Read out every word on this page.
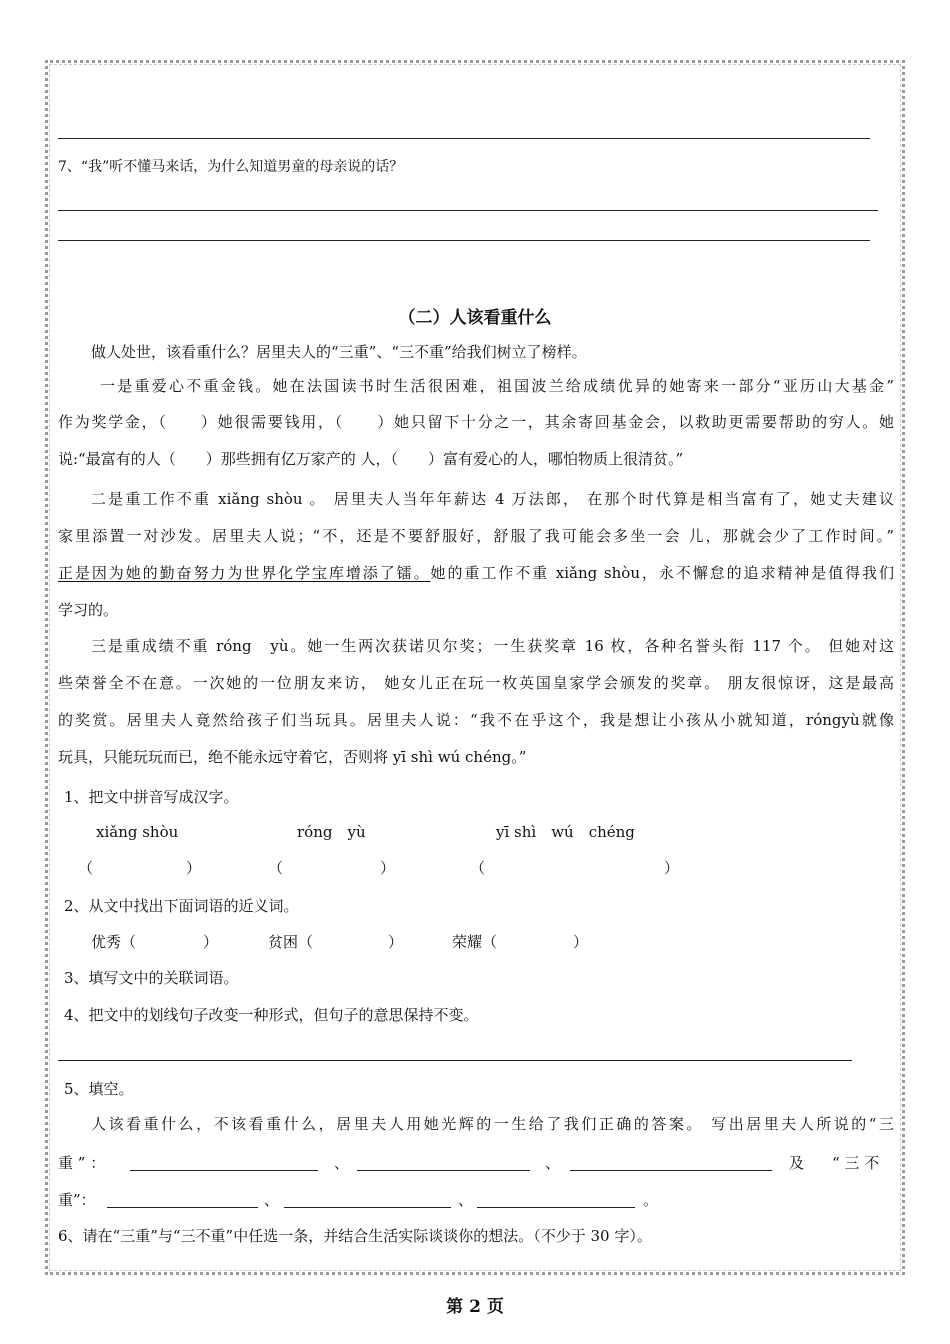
7、“我”听不懂马来话，为什么知道男童的母亲说的话？
（二）人该看重什么
做人处世，该看重什么？居里夫人的“三重”、“三不重”给我们树立了榜样。
一是重爱心不重金钱。她在法国读书时生活很困难，祖国波兰给成绩优异的她寄来一部分“亚历山大基金”
作为奖学金，（　　）她很需要钱用，（　　）她只留下十分之一，其余寄回基金会，以救助更需要帮助的穷人。她
说:“最富有的人（　　）那些拥有亿万家产的 人，（　　）富有爱心的人，哪怕物质上很清贫。”
二是重工作不重 xiǎng shòu 。 居里夫人当年年薪达 4 万法郎， 在那个时代算是相当富有了，她丈夫建议
家里添置一对沙发。居里夫人说；“不，还是不要舒服好，舒服了我可能会多坐一会 儿，那就会少了工作时间。”
正是因为她的勤奋努力为世界化学宝库增添了镭。她的重工作不重 xiǎng shòu，永不懈怠的追求精神是值得我们
学习的。
三是重成绩不重 róng　yù。她一生两次获诺贝尔奖；一生获奖章 16 枚，各种名誉头衔 117 个。 但她对这
些荣誉全不在意。一次她的一位朋友来访， 她女儿正在玩一枚英国皇家学会颁发的奖章。 朋友很惊讶，这是最高
的奖赏。居里夫人竟然给孩子们当玩具。居里夫人说：“我不在乎这个，我是想让小孩从小就知道，róngyù就像
玩具，只能玩玩而已，绝不能永远守着它，否则将 yī shì wú chéng。”
1、把文中拼音写成汉字。
xiǎng shòu	róng　yù	yī shì　wú　chéng
（	）	（	）	（	）
2、从文中找出下面词语的近义词。
优秀（	）	贫困（	）	荣耀（	）
3、填写文中的关联词语。
4、把文中的划线句子改变一种形式，但句子的意思保持不变。
5、填空。
人该看重什么，不该看重什么，居里夫人用她光辉的一生给了我们正确的答案。 写出居里夫人所说的“三
重 ” ：	、	、	及 “ 三 不
重”：	、	、	。
6、请在“三重”与“三不重”中任选一条，并结合生活实际谈谈你的想法。（不少于 30 字）。
第 2 页
